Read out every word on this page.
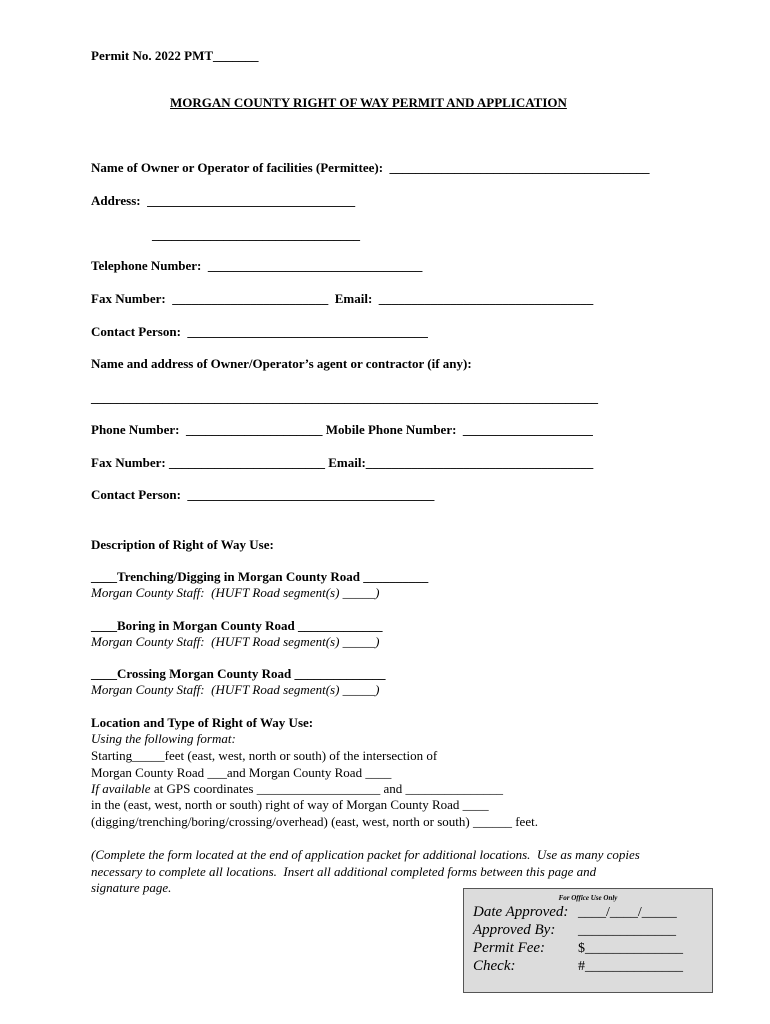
Permit No. 2022 PMT_______
MORGAN COUNTY RIGHT OF WAY PERMIT AND APPLICATION
Name of Owner or Operator of facilities (Permittee):  ________________________________________
Address:  ________________________________
________________________________
Telephone Number:  _________________________________
Fax Number:  ________________________  Email:  _________________________________
Contact Person:  _____________________________________
Name and address of Owner/Operator’s agent or contractor (if any):
______________________________________________________________________________
Phone Number:  _____________________ Mobile Phone Number:  ____________________
Fax Number: ________________________ Email:___________________________________
Contact Person:  ______________________________________
Description of Right of Way Use:
____Trenching/Digging in Morgan County Road __________
Morgan County Staff:  (HUFT Road segment(s) _____)
____Boring in Morgan County Road _____________
Morgan County Staff:  (HUFT Road segment(s) _____)
____Crossing Morgan County Road ______________
Morgan County Staff:  (HUFT Road segment(s) _____)
Location and Type of Right of Way Use:
Using the following format:
Starting_____feet (east, west, north or south) of the intersection of
Morgan County Road ___and Morgan County Road ____
If available at GPS coordinates ___________________ and _______________
in the (east, west, north or south) right of way of Morgan County Road ____
(digging/trenching/boring/crossing/overhead) (east, west, north or south) ______ feet.
(Complete the form located at the end of application packet for additional locations.  Use as many copies
necessary to complete all locations.  Insert all additional completed forms between this page and
signature page.
For Office Use Only
Date Approved: ____/____/_____
Approved By: ______________
Permit Fee: $______________
Check:	#______________
